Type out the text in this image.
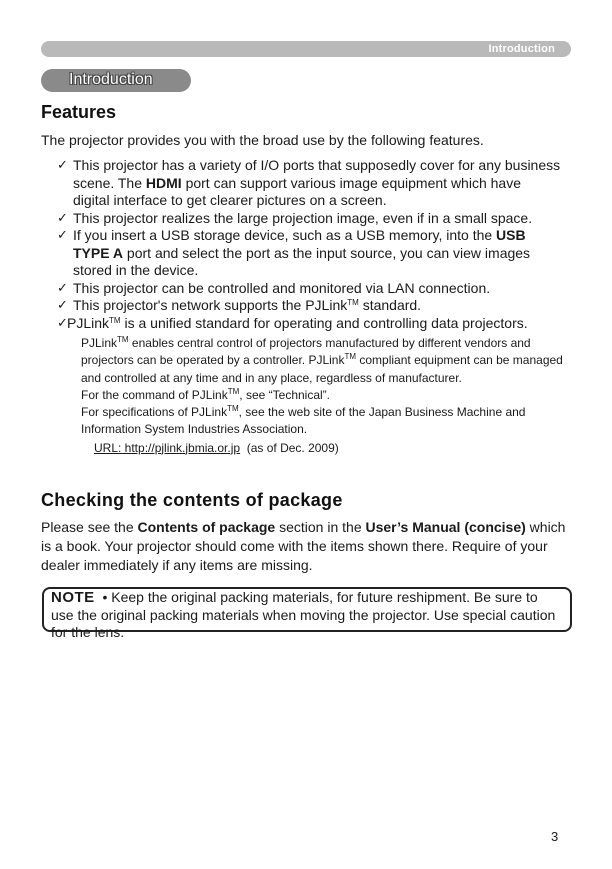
Introduction
Introduction
Features

The projector provides you with the broad use by the following features.

✓ This projector has a variety of I/O ports that supposedly cover for any business scene. The HDMI port can support various image equipment which have digital interface to get clearer pictures on a screen.
✓ This projector realizes the large projection image, even if in a small space.
✓ If you insert a USB storage device, such as a USB memory, into the USB TYPE A port and select the port as the input source, you can view images stored in the device.
✓ This projector can be controlled and monitored via LAN connection.
✓ This projector's network supports the PJLink™ standard.
✓ PJLink™ is a unified standard for operating and controlling data projectors.

PJLink™ enables central control of projectors manufactured by different vendors and projectors can be operated by a controller. PJLink™ compliant equipment can be managed and controlled at any time and in any place, regardless of manufacturer.

For the command of PJLink™, see “Technical”.

For specifications of PJLink™, see the web site of the Japan Business Machine and Information System Industries Association.

URL: http://pjlink.jbmia.or.jp  (as of Dec. 2009)

Checking the contents of package

Please see the Contents of package section in the User’s Manual (concise) which is a book. Your projector should come with the items shown there. Require of your dealer immediately if any items are missing.

NOTE  • Keep the original packing materials, for future reshipment. Be sure to use the original packing materials when moving the projector. Use special caution for the lens.
3
